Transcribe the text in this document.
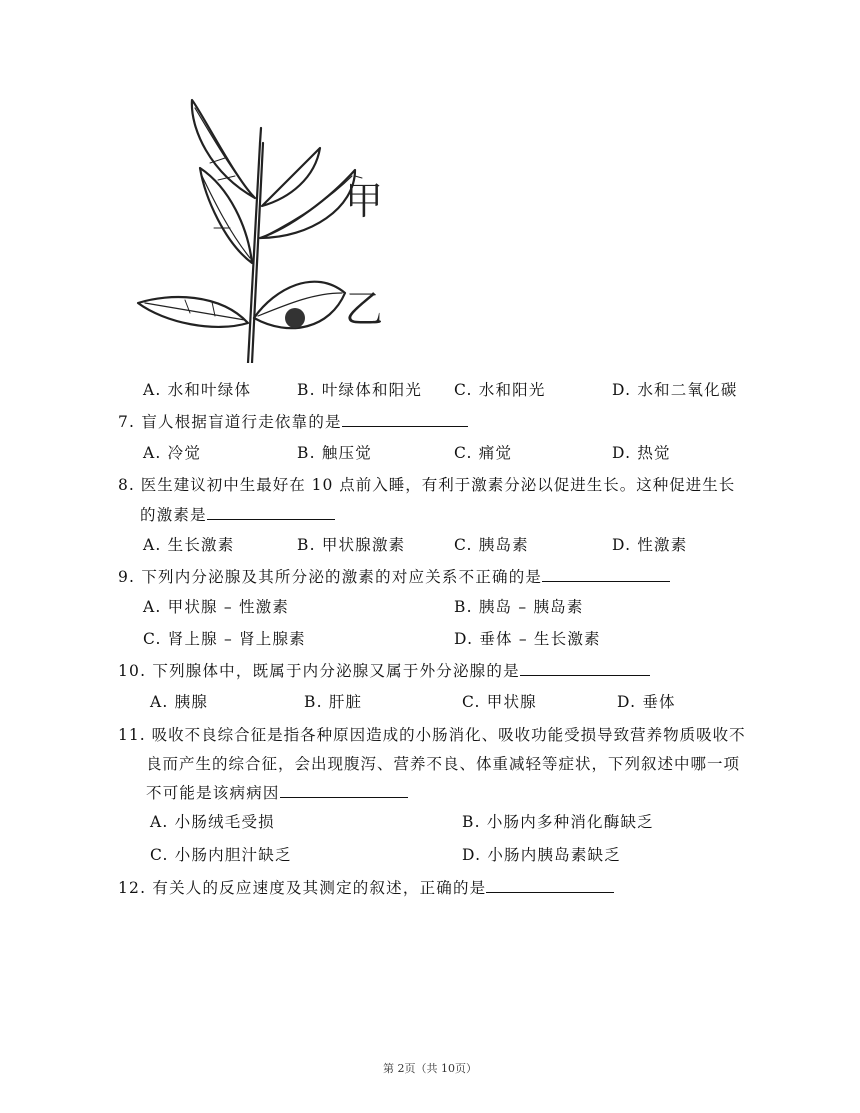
甲
乙
A. 水和叶绿体	B. 叶绿体和阳光 C. 水和阳光	D. 水和二氧化碳
7. 盲人根据盲道行走依靠的是
A. 冷觉	B. 触压觉	C. 痛觉	D. 热觉
8. 医生建议初中生最好在 10 点前入睡，有利于激素分泌以促进生长。这种促进生长
的激素是
A. 生长激素	B. 甲状腺激素	C. 胰岛素	D. 性激素
9. 下列内分泌腺及其所分泌的激素的对应关系不正确的是
A. 甲状腺 – 性激素	B. 胰岛 – 胰岛素
C. 肾上腺 – 肾上腺素	D. 垂体 – 生长激素
10. 下列腺体中，既属于内分泌腺又属于外分泌腺的是
A. 胰腺	B. 肝脏	C. 甲状腺	D. 垂体
11. 吸收不良综合征是指各种原因造成的小肠消化、吸收功能受损导致营养物质吸收不
良而产生的综合征，会出现腹泻、营养不良、体重减轻等症状，下列叙述中哪一项
不可能是该病病因
A. 小肠绒毛受损	B. 小肠内多种消化酶缺乏
C. 小肠内胆汁缺乏	D. 小肠内胰岛素缺乏
12. 有关人的反应速度及其测定的叙述，正确的是
第 2页（共 10页）
